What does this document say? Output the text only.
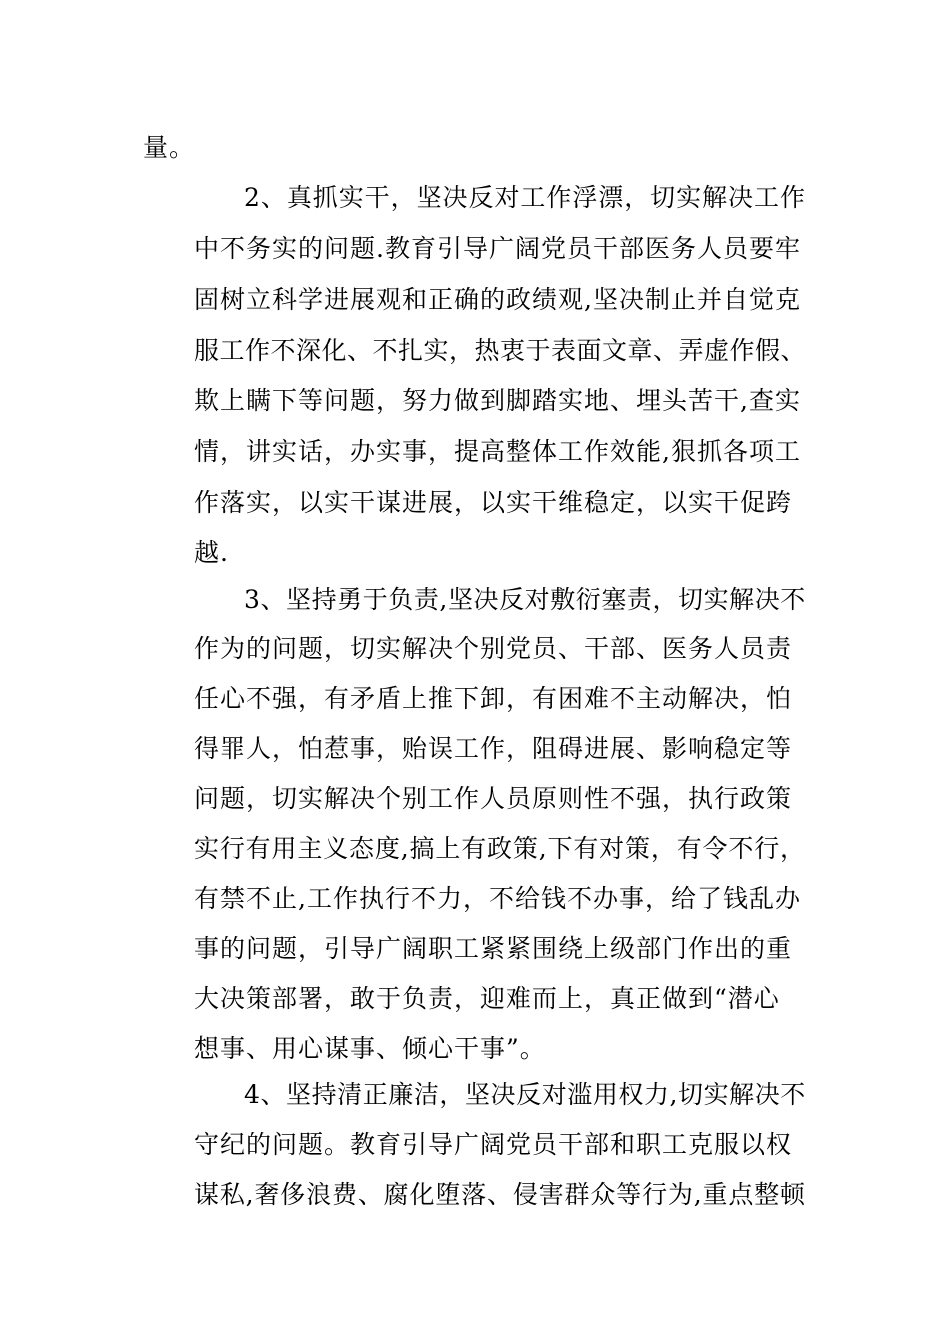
量。
2、真抓实干，坚决反对工作浮漂，切实解决工作
中不务实的问题.教育引导广阔党员干部医务人员要牢
固树立科学进展观和正确的政绩观,坚决制止并自觉克
服工作不深化、不扎实，热衷于表面文章、弄虚作假、
欺上瞒下等问题，努力做到脚踏实地、埋头苦干,查实
情，讲实话，办实事，提高整体工作效能,狠抓各项工
作落实，以实干谋进展，以实干维稳定，以实干促跨
越.
3、坚持勇于负责,坚决反对敷衍塞责，切实解决不
作为的问题，切实解决个别党员、干部、医务人员责
任心不强，有矛盾上推下卸，有困难不主动解决，怕
得罪人，怕惹事，贻误工作，阻碍进展、影响稳定等
问题，切实解决个别工作人员原则性不强，执行政策
实行有用主义态度,搞上有政策,下有对策，有令不行，
有禁不止,工作执行不力，不给钱不办事，给了钱乱办
事的问题，引导广阔职工紧紧围绕上级部门作出的重
大决策部署，敢于负责，迎难而上，真正做到“潜心
想事、用心谋事、倾心干事”。
4、坚持清正廉洁，坚决反对滥用权力,切实解决不
守纪的问题。教育引导广阔党员干部和职工克服以权
谋私,奢侈浪费、腐化堕落、侵害群众等行为,重点整顿
